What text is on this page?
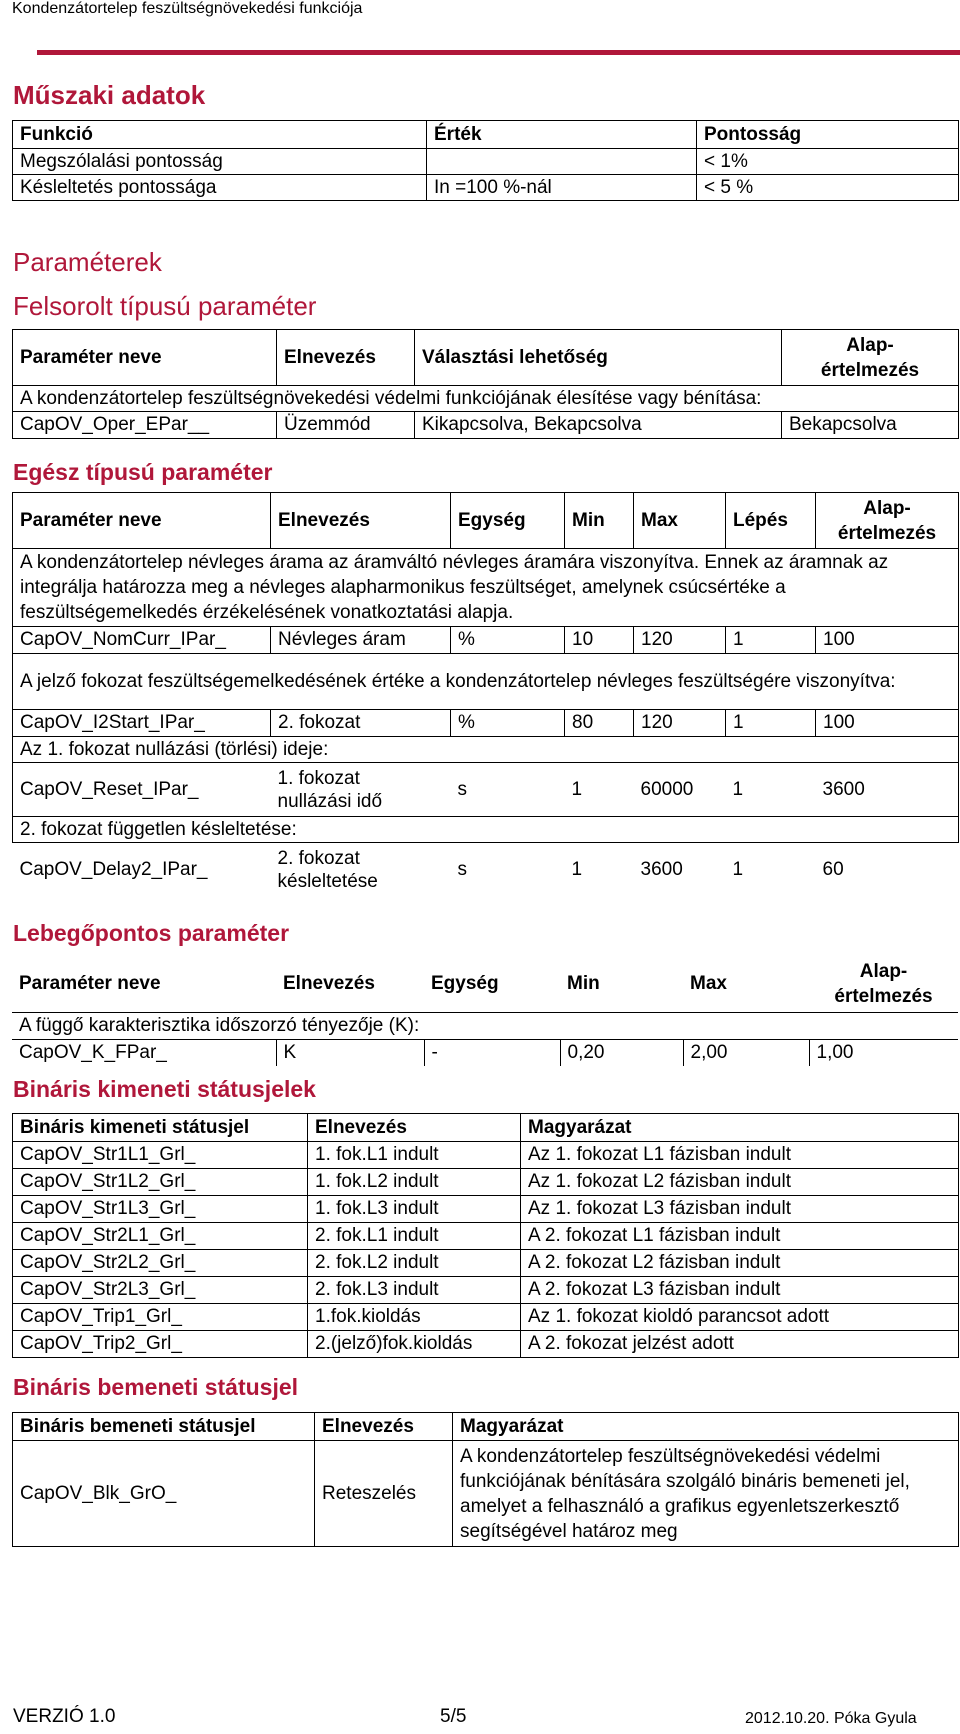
Kondenzátortelep feszültségnövekedési funkciója
Műszaki adatok
Funkció	Érték	Pontosság
Megszólalási pontosság		< 1%
Késleltetés pontossága	In =100 %-nál	< 5 %
Paraméterek
Felsorolt típusú paraméter
Paraméter neve	Elnevezés	Választási lehetőség	Alap-
értelmezés
A kondenzátortelep feszültségnövekedési védelmi funkciójának élesítése vagy bénítása:			
CapOV_Oper_EPar__	Üzemmód	Kikapcsolva, Bekapcsolva	Bekapcsolva
Egész típusú paraméter
Paraméter neve	Elnevezés	Egység	Min	Max	Lépés	Alap-
értelmezés
A kondenzátortelep névleges árama az áramváltó névleges áramára viszonyítva. Ennek az áramnak az integrálja határozza meg a névleges alapharmonikus feszültséget, amelynek csúcsértéke a feszültségemelkedés érzékelésének vonatkoztatási alapja.						
CapOV_NomCurr_IPar_	Névleges áram	%	10	120	1	100
A jelző fokozat feszültségemelkedésének értéke a kondenzátortelep névleges feszültségére viszonyítva:						
CapOV_I2Start_IPar_	2. fokozat	%	80	120	1	100
Az 1. fokozat nullázási (törlési) ideje:						
CapOV_Reset_IPar_	1. fokozat
nullázási idő	s	1	60000	1	3600
2. fokozat független késleltetése:						
CapOV_Delay2_IPar_	2. fokozat
késleltetése	s	1	3600	1	60
Lebegőpontos paraméter
Paraméter neve	Elnevezés	Egység	Min	Max	Alap-
értelmezés
A függő karakterisztika időszorzó tényezője (K):					
CapOV_K_FPar_	K	-	0,20	2,00	1,00
Bináris kimeneti státusjelek
Bináris kimeneti státusjel	Elnevezés	Magyarázat
CapOV_Str1L1_Grl_	1. fok.L1 indult	Az 1. fokozat L1 fázisban indult
CapOV_Str1L2_Grl_	1. fok.L2 indult	Az 1. fokozat L2 fázisban indult
CapOV_Str1L3_Grl_	1. fok.L3 indult	Az 1. fokozat L3 fázisban indult
CapOV_Str2L1_Grl_	2. fok.L1 indult	A 2. fokozat L1 fázisban indult
CapOV_Str2L2_Grl_	2. fok.L2 indult	A 2. fokozat L2 fázisban indult
CapOV_Str2L3_Grl_	2. fok.L3 indult	A 2. fokozat L3 fázisban indult
CapOV_Trip1_Grl_	1.fok.kioldás	Az 1. fokozat kioldó parancsot adott
CapOV_Trip2_Grl_	2.(jelző)fok.kioldás	A 2. fokozat jelzést adott
Bináris bemeneti státusjel
Bináris bemeneti státusjel	Elnevezés	Magyarázat
CapOV_Blk_GrO_	Reteszelés	A kondenzátortelep feszültségnövekedési védelmi funkciójának bénítására szolgáló bináris bemeneti jel, amelyet a felhasználó a grafikus egyenletszerkesztő segítségével határoz meg
VERZIÓ 1.0	5/5	2012.10.20. Póka Gyula
